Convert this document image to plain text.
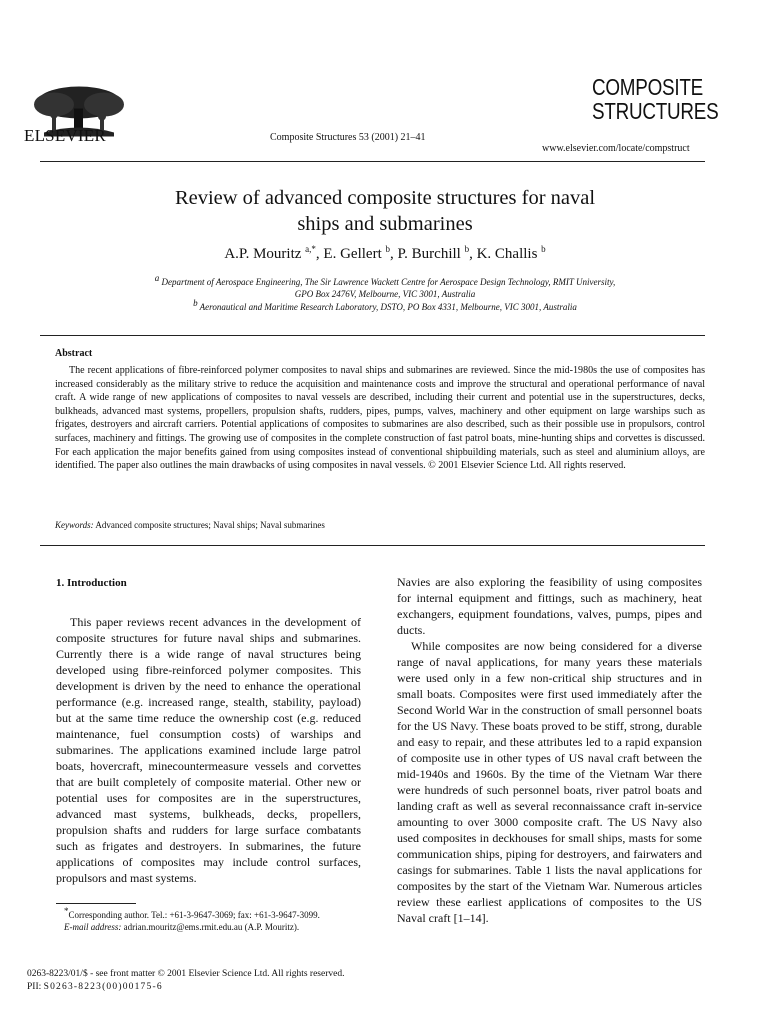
ELSEVIER	Composite Structures 53 (2001) 21–41
COMPOSITE
STRUCTURES
www.elsevier.com/locate/compstruct
Review of advanced composite structures for naval
ships and submarines
A.P. Mouritz $^{a,*}$, E. Gellert $^b$, P. Burchill $^b$, K. Challis $^b$
$^a$ Department of Aerospace Engineering, The Sir Lawrence Wackett Centre for Aerospace Design Technology, RMIT University,
GPO Box 2476V, Melbourne, VIC 3001, Australia
$^b$ Aeronautical and Maritime Research Laboratory, DSTO, PO Box 4331, Melbourne, VIC 3001, Australia
Abstract
The recent applications of fibre-reinforced polymer composites to naval ships and submarines are reviewed. Since the mid-1980s the use of composites has increased considerably as the military strive to reduce the acquisition and maintenance costs and improve the structural and operational performance of naval craft. A wide range of new applications of composites to naval vessels are described, including their current and potential use in the superstructures, decks, bulkheads, advanced mast systems, propellers, propulsion shafts, rudders, pipes, pumps, valves, machinery and other equipment on large warships such as frigates, destroyers and aircraft carriers. Potential applications of composites to submarines are also described, such as their possible use in propulsors, control surfaces, machinery and fittings. The growing use of composites in the complete construction of fast patrol boats, mine-hunting ships and corvettes is discussed. For each application the major benefits gained from using composites instead of conventional shipbuilding materials, such as steel and aluminium alloys, are identified. The paper also outlines the main drawbacks of using composites in naval vessels. © 2001 Elsevier Science Ltd. All rights reserved.
Keywords: Advanced composite structures; Naval ships; Naval submarines
1. Introduction

This paper reviews recent advances in the development of composite structures for future naval ships and submarines. Currently there is a wide range of naval structures being developed using fibre-reinforced polymer composites. This development is driven by the need to enhance the operational performance (e.g. increased range, stealth, stability, payload) but at the same time reduce the ownership cost (e.g. reduced maintenance, fuel consumption costs) of warships and submarines. The applications examined include large patrol boats, hovercraft, minecountermeasure vessels and corvettes that are built completely of composite material. Other new or potential uses for composites are in the superstructures, advanced mast systems, bulkheads, decks, propellers, propulsion shafts and rudders for large surface combatants such as frigates and destroyers. In submarines, the future applications of composites may include control surfaces, propulsors and mast systems.

Navies are also exploring the feasibility of using composites for internal equipment and fittings, such as machinery, heat exchangers, equipment foundations, valves, pumps, pipes and ducts.

While composites are now being considered for a diverse range of naval applications, for many years these materials were used only in a few non-critical ship structures and in small boats. Composites were first used immediately after the Second World War in the construction of small personnel boats for the US Navy. These boats proved to be stiff, strong, durable and easy to repair, and these attributes led to a rapid expansion of composite use in other types of US naval craft between the mid-1940s and 1960s. By the time of the Vietnam War there were hundreds of such personnel boats, river patrol boats and landing craft as well as several reconnaissance craft in-service amounting to over 3000 composite craft. The US Navy also used composites in deckhouses for small ships, masts for some communication ships, piping for destroyers, and fairwaters and casings for submarines. Table 1 lists the naval applications for composites by the start of the Vietnam War. Numerous articles review these earliest applications of composites to the US Naval craft [1–14].

*Corresponding author. Tel.: +61-3-9647-3069; fax: +61-3-9647-3099.

E-mail address: adrian.mouritz@ems.rmit.edu.au (A.P. Mouritz).

0263-8223/01/$ - see front matter © 2001 Elsevier Science Ltd. All rights reserved.
PII: S0263-8223(00)00175-6
